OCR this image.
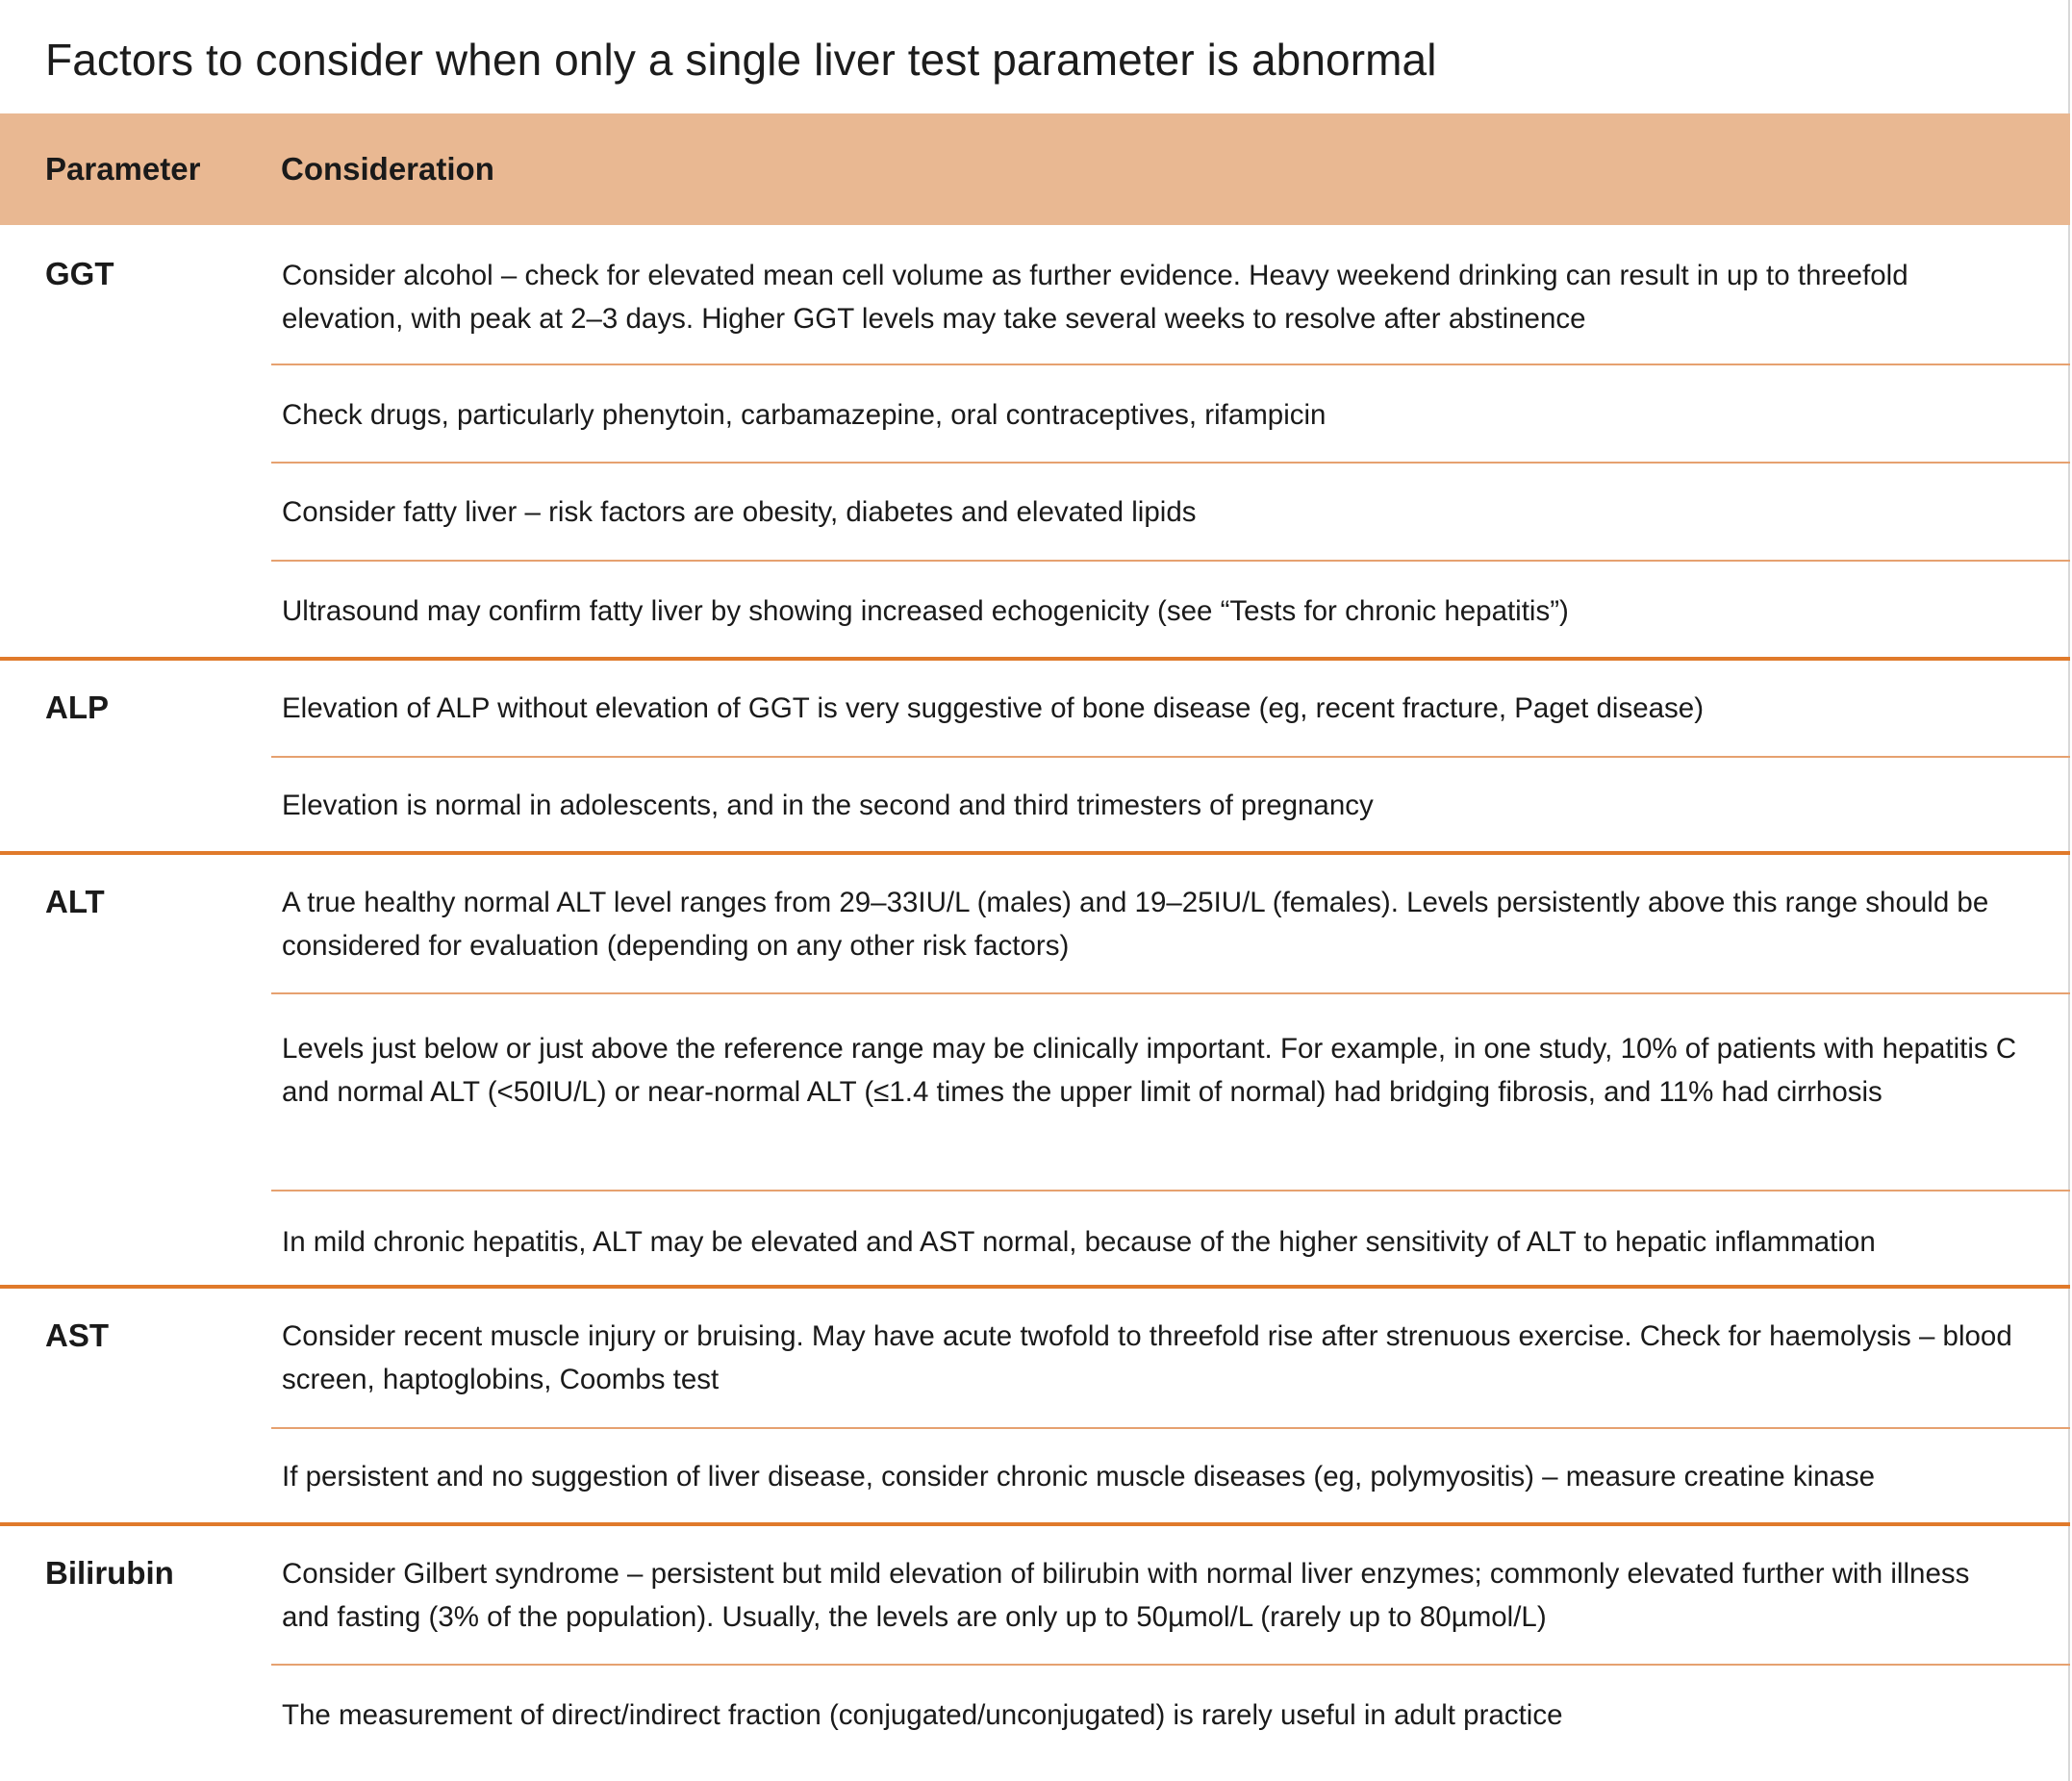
Factors to consider when only a single liver test parameter is abnormal
Parameter	Consideration
GGT	Consider alcohol – check for elevated mean cell volume as further evidence. Heavy weekend drinking can result in up to threefold elevation, with peak at 2–3 days. Higher GGT levels may take several weeks to resolve after abstinence
Check drugs, particularly phenytoin, carbamazepine, oral contraceptives, rifampicin
Consider fatty liver – risk factors are obesity, diabetes and elevated lipids
Ultrasound may confirm fatty liver by showing increased echogenicity (see “Tests for chronic hepatitis”)
ALP	Elevation of ALP without elevation of GGT is very suggestive of bone disease (eg, recent fracture, Paget disease)
Elevation is normal in adolescents, and in the second and third trimesters of pregnancy
ALT	A true healthy normal ALT level ranges from 29–33IU/L (males) and 19–25IU/L (females). Levels persistently above this range should be considered for evaluation (depending on any other risk factors)
Levels just below or just above the reference range may be clinically important. For example, in one study, 10% of patients with hepatitis C and normal ALT (<50IU/L) or near-normal ALT (≤1.4 times the upper limit of normal) had bridging fibrosis, and 11% had cirrhosis
In mild chronic hepatitis, ALT may be elevated and AST normal, because of the higher sensitivity of ALT to hepatic inflammation
AST	Consider recent muscle injury or bruising. May have acute twofold to threefold rise after strenuous exercise. Check for haemolysis – blood screen, haptoglobins, Coombs test
If persistent and no suggestion of liver disease, consider chronic muscle diseases (eg, polymyositis) – measure creatine kinase
Bilirubin	Consider Gilbert syndrome – persistent but mild elevation of bilirubin with normal liver enzymes; commonly elevated further with illness and fasting (3% of the population). Usually, the levels are only up to 50µmol/L (rarely up to 80µmol/L)
The measurement of direct/indirect fraction (conjugated/unconjugated) is rarely useful in adult practice
